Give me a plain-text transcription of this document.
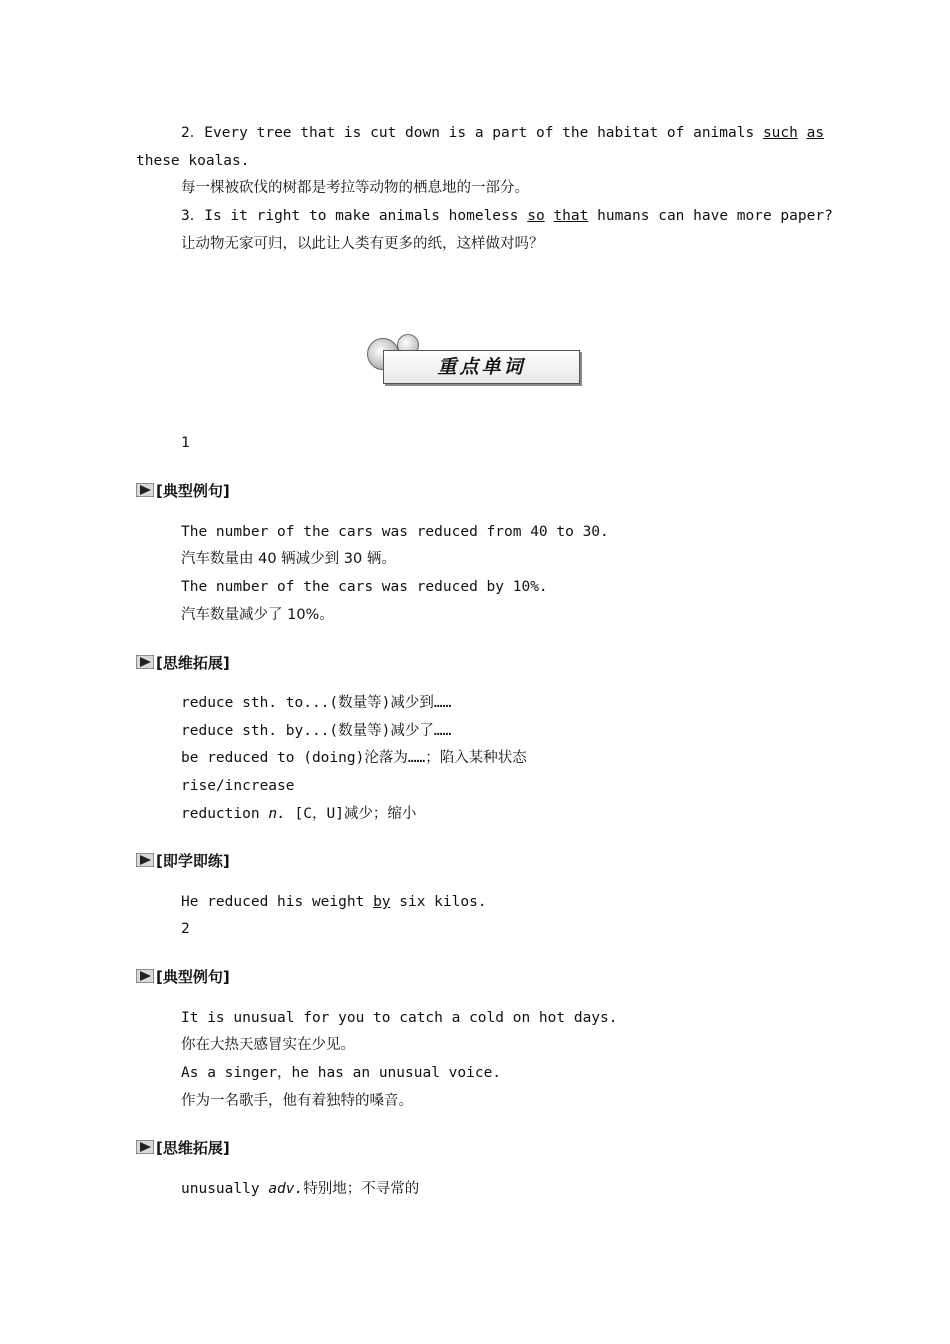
2．Every tree that is cut down is a part of the habitat of animals such as
these koalas.
每一棵被砍伐的树都是考拉等动物的栖息地的一部分。
3．Is it right to make animals homeless so that humans can have more paper?
让动物无家可归，以此让人类有更多的纸，这样做对吗？
重点单词
1
[典型例句]
The number of the cars was reduced from 40 to 30.
汽车数量由 40 辆减少到 30 辆。
The number of the cars was reduced by 10%.
汽车数量减少了 10%。
[思维拓展]
reduce sth. to...(数量等)减少到……
reduce sth. by...(数量等)减少了……
be reduced to (doing)沦落为……；陷入某种状态
rise/increase
reduction n. [C，U]减少；缩小
[即学即练]
He reduced his weight by six kilos.
2
[典型例句]
It is unusual for you to catch a cold on hot days.
你在大热天感冒实在少见。
As a singer，he has an unusual voice.
作为一名歌手，他有着独特的嗓音。
[思维拓展]
unusually adv.特别地；不寻常的
